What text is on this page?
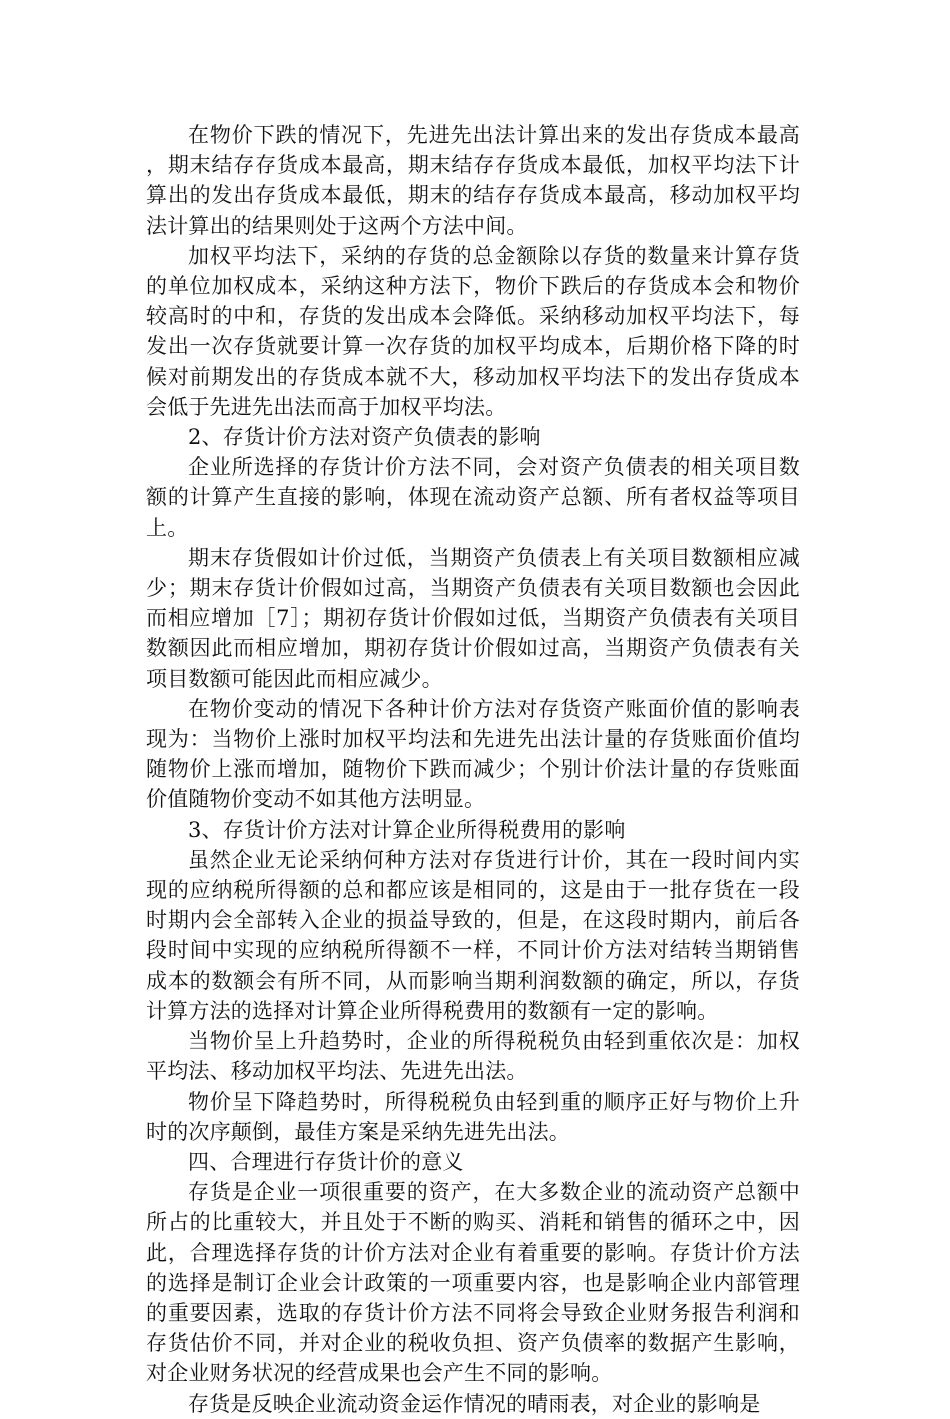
在物价下跌的情况下，先进先出法计算出来的发出存货成本最高，期末结存存货成本最高，期末结存存货成本最低，加权平均法下计算出的发出存货成本最低，期末的结存存货成本最高，移动加权平均法计算出的结果则处于这两个方法中间。

加权平均法下，采纳的存货的总金额除以存货的数量来计算存货的单位加权成本，采纳这种方法下，物价下跌后的存货成本会和物价较高时的中和，存货的发出成本会降低。采纳移动加权平均法下，每发出一次存货就要计算一次存货的加权平均成本，后期价格下降的时候对前期发出的存货成本就不大，移动加权平均法下的发出存货成本会低于先进先出法而高于加权平均法。

2、存货计价方法对资产负债表的影响

企业所选择的存货计价方法不同，会对资产负债表的相关项目数额的计算产生直接的影响，体现在流动资产总额、所有者权益等项目上。

期末存货假如计价过低，当期资产负债表上有关项目数额相应减少；期末存货计价假如过高，当期资产负债表有关项目数额也会因此而相应增加［7］；期初存货计价假如过低，当期资产负债表有关项目数额因此而相应增加，期初存货计价假如过高，当期资产负债表有关项目数额可能因此而相应减少。

在物价变动的情况下各种计价方法对存货资产账面价值的影响表现为：当物价上涨时加权平均法和先进先出法计量的存货账面价值均随物价上涨而增加，随物价下跌而减少；个别计价法计量的存货账面价值随物价变动不如其他方法明显。

3、存货计价方法对计算企业所得税费用的影响

虽然企业无论采纳何种方法对存货进行计价，其在一段时间内实现的应纳税所得额的总和都应该是相同的，这是由于一批存货在一段时期内会全部转入企业的损益导致的，但是，在这段时期内，前后各段时间中实现的应纳税所得额不一样，不同计价方法对结转当期销售成本的数额会有所不同，从而影响当期利润数额的确定，所以，存货计算方法的选择对计算企业所得税费用的数额有一定的影响。

当物价呈上升趋势时，企业的所得税税负由轻到重依次是：加权平均法、移动加权平均法、先进先出法。

物价呈下降趋势时，所得税税负由轻到重的顺序正好与物价上升时的次序颠倒，最佳方案是采纳先进先出法。

四、合理进行存货计价的意义

存货是企业一项很重要的资产，在大多数企业的流动资产总额中所占的比重较大，并且处于不断的购买、消耗和销售的循环之中，因此，合理选择存货的计价方法对企业有着重要的影响。存货计价方法的选择是制订企业会计政策的一项重要内容，也是影响企业内部管理的重要因素，选取的存货计价方法不同将会导致企业财务报告利润和存货估价不同，并对企业的税收负担、资产负债率的数据产生影响，对企业财务状况的经营成果也会产生不同的影响。

存货是反映企业流动资金运作情况的晴雨表，对企业的影响是
